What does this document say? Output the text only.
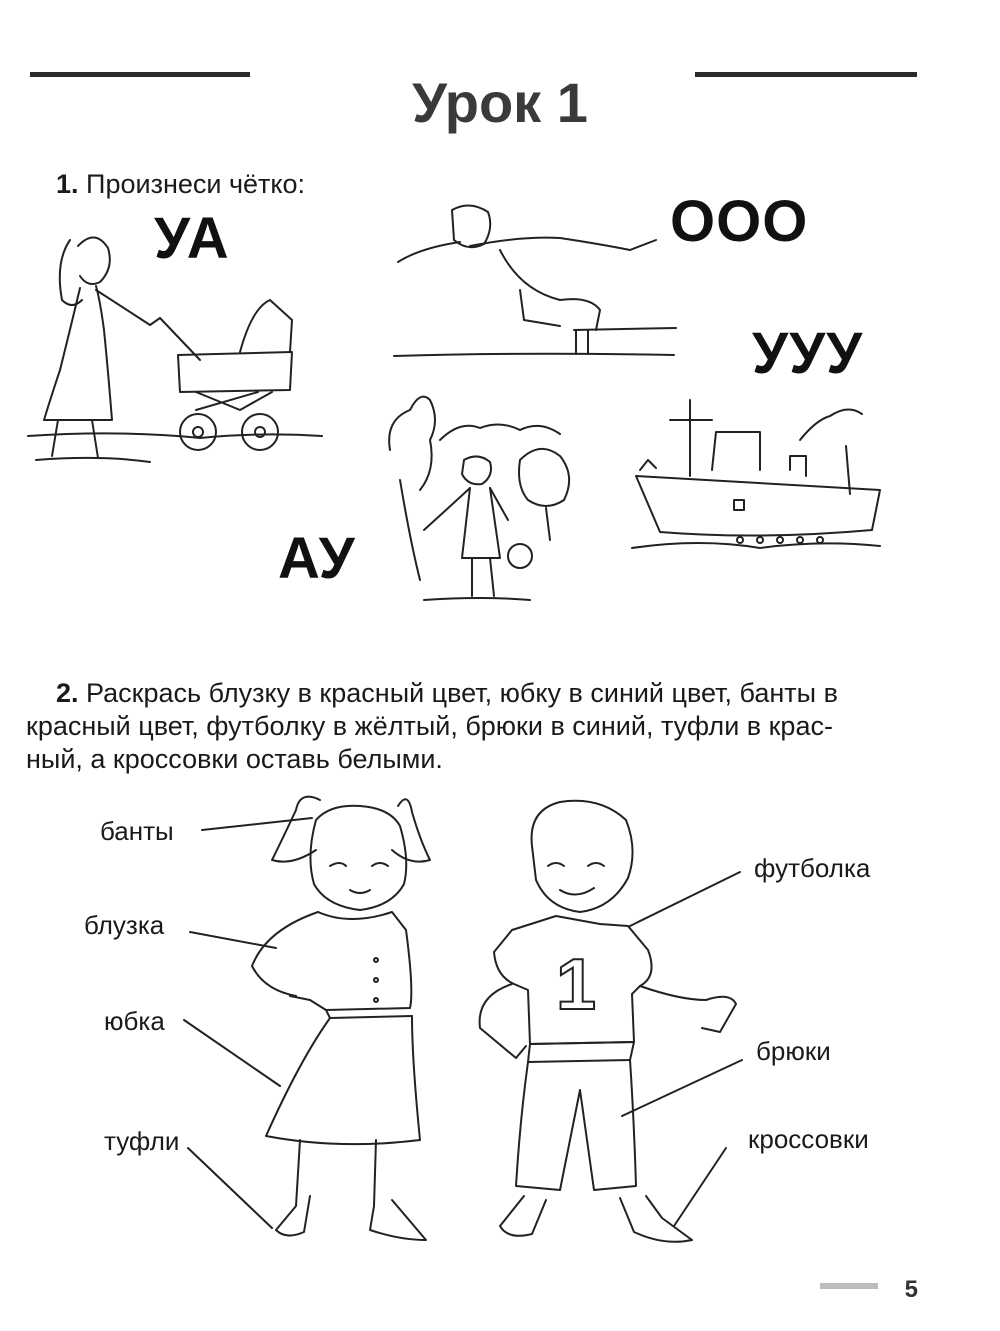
Урок 1
1. Произнеси чётко:
УА	ООО
УУУ
АУ
2. Раскрась блузку в красный цвет, юбку в синий цвет, банты в
красный цвет, футболку в жёлтый, брюки в синий, туфли в крас-
ный, а кроссовки оставь белыми.
банты
блузка
юбка
туфли
футболка
брюки
кроссовки
1
5
